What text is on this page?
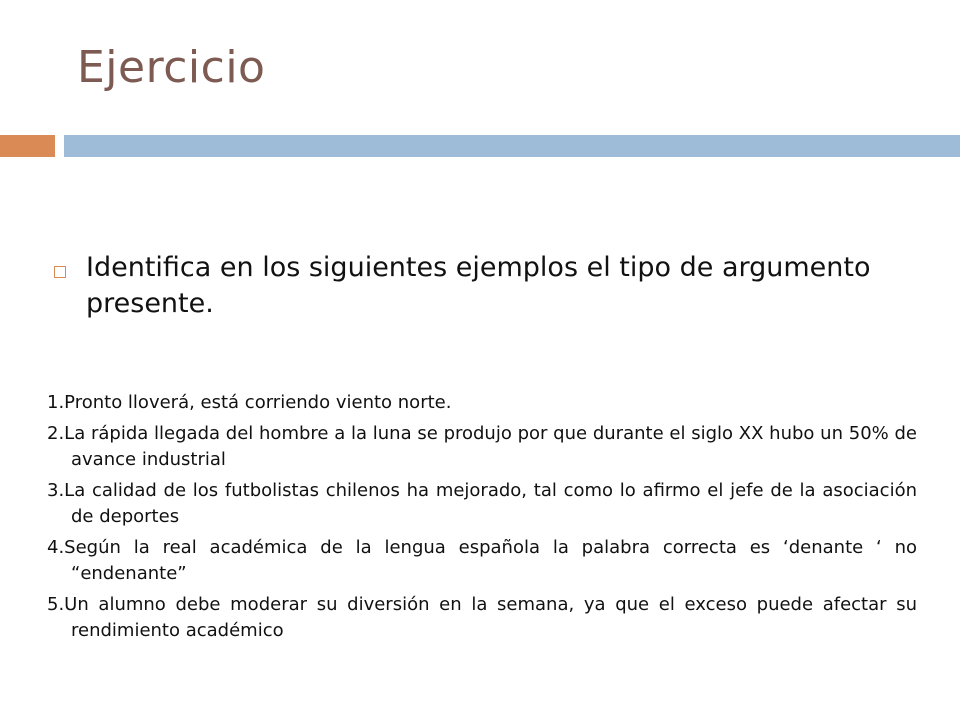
Ejercicio

Identifica en los siguientes ejemplos el tipo de argumento presente.

1.Pronto lloverá, está corriendo viento norte.
2.La rápida llegada del hombre a la luna se produjo por que durante el siglo XX hubo un 50% de avance industrial
3.La calidad de los futbolistas chilenos ha mejorado, tal como lo afirmo el jefe de la asociación de deportes
4.Según la real académica de la lengua española la palabra correcta es ‘denante ‘ no “endenante”
5.Un alumno debe moderar su diversión en la semana, ya que el exceso puede afectar su rendimiento académico
